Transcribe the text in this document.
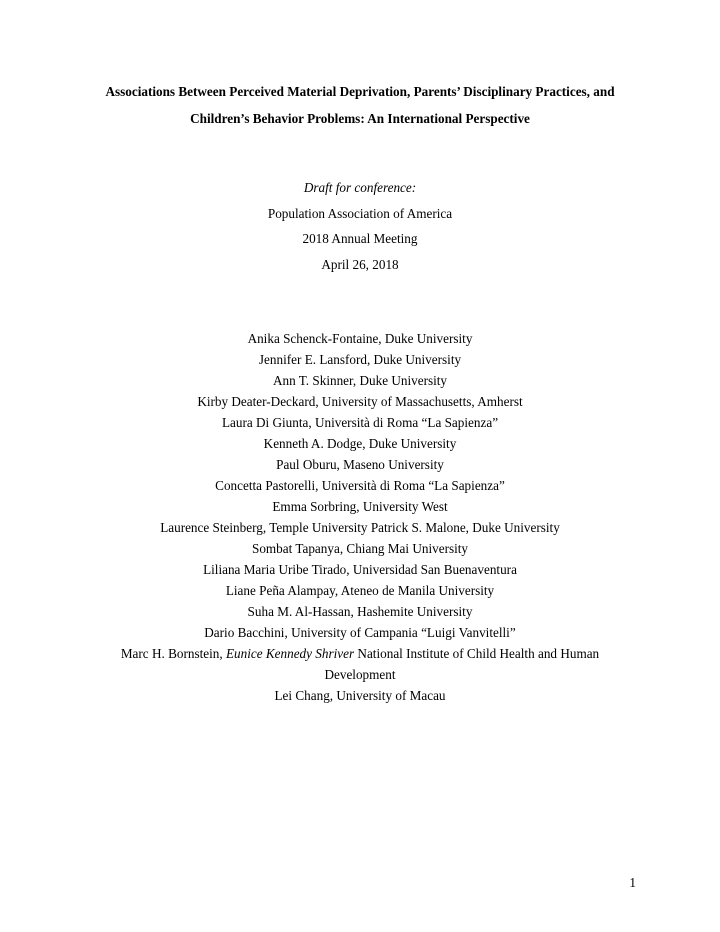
Associations Between Perceived Material Deprivation, Parents’ Disciplinary Practices, and

Children’s Behavior Problems: An International Perspective

Draft for conference:
Population Association of America
2018 Annual Meeting
April 26, 2018
Anika Schenck-Fontaine, Duke University
Jennifer E. Lansford, Duke University
Ann T. Skinner, Duke University
Kirby Deater-Deckard, University of Massachusetts, Amherst
Laura Di Giunta, Università di Roma “La Sapienza”
Kenneth A. Dodge, Duke University
Paul Oburu, Maseno University
Concetta Pastorelli, Università di Roma “La Sapienza”
Emma Sorbring, University West
Laurence Steinberg, Temple University Patrick S. Malone, Duke University
Sombat Tapanya, Chiang Mai University
Liliana Maria Uribe Tirado, Universidad San Buenaventura
Liane Peña Alampay, Ateneo de Manila University
Suha M. Al-Hassan, Hashemite University
Dario Bacchini, University of Campania “Luigi Vanvitelli”
Marc H. Bornstein, Eunice Kennedy Shriver National Institute of Child Health and Human
Development
Lei Chang, University of Macau
1
